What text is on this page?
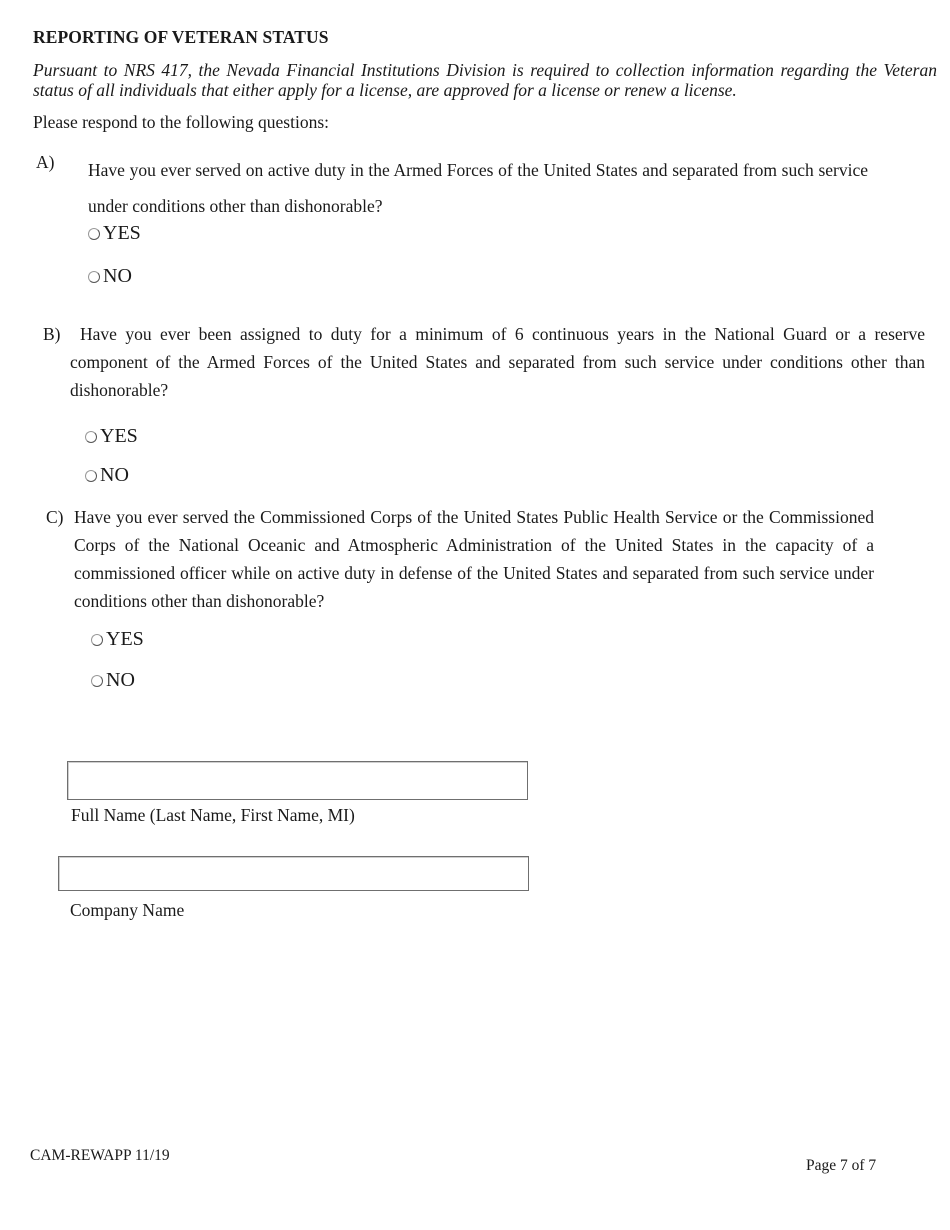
REPORTING OF VETERAN STATUS
Pursuant to NRS 417, the Nevada Financial Institutions Division is required to collection information regarding the Veteran status of all individuals that either apply for a license, are approved for a license or renew a license.
Please respond to the following questions:
A) Have you ever served on active duty in the Armed Forces of the United States and separated from such service under conditions other than dishonorable?
YES
NO
B)	Have you ever been assigned to duty for a minimum of 6 continuous years in the National Guard or a reserve component of the Armed Forces of the United States and separated from such service under conditions other than dishonorable?
YES
NO
C) Have you ever served the Commissioned Corps of the United States Public Health Service or the Commissioned Corps of the National Oceanic and Atmospheric Administration of the United States in the capacity of a commissioned officer while on active duty in defense of the United States and separated from such service under conditions other than dishonorable?
YES
NO
Full Name (Last Name, First Name, MI)
Company Name
CAM-REWAPP 11/19
Page 7 of 7
